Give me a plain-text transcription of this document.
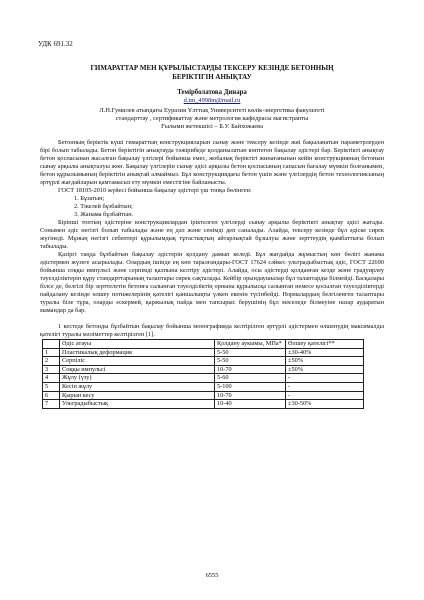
УДК 691.32
ГИМАРАТТАР МЕН ҚҰРЫЛЫСТАРДЫ ТЕКСЕРУ КЕЗІНДЕ БЕТОННЫҢ БЕРІКТІГІН АНЫҚТАУ
Темірболатова Динара
d.tm_4998m@mail.ru
Л.Н.Гумилев атындағы Еуразия Ұлттық Университеті көлік-энергетика факультеті
стандарттау , сертификаттау және метрология кафедрасы магистранты
Ғылыми жетекшісі – Б.У. Байхожаева

Бетонның беріктік күші гимараттың конструкцияларын сынау және тексеру кезінде жиі бақыланатын параметрлерден бірі болып табылады. Бетон беріктігін анықтауда тәжірибеде қолданылатын көптеген бақылау әдістері бар. Беріктікті анықтау бетон қоспасынан жасалған бақылау үлгілері бойынша емес, жобалық беріктігі жинағанынан кейін конструкцияның бетонын сынау арқылы анықталуы жөн. Бақылау үлгілерін сынау әдісі арқылы бетон қоспасының сапасын бағалау мүмкін болғанымен, бетон құрылымының беріктігін анықтай алмаймыз. Бұл конструкциядағы бетон үшін және үлгілердің бетон технологиясының әртүрлі жағдайларын қамтамасыз ету мүмкін еместігіне байланысты.

ГОСТ 18105-2010 жүйесі бойынша бақылау әдістері үш топқа бөлінген:

1. Бұзатын;
2. Тікелей бұзбайтын;
3. Жанама бұзбайтын.

Бірінші топтың әдістеріне конструкциялардан іріктелген үлгілерді сынау арқылы беріктікті анықтау әдісі жатады. Сонымен әдіс негізгі болып табылады және ең дәл және сенімді деп саналады. Алайда, тексеру кезінде бұл әдіске сирек жүгінеді. Мұның негізгі себептері құрылымдық тұтастықтың айтарлықтай бұзылуы және зерттеудің қымбаттығы болып табылады.

Қазіргі таңда бұзбайтын бақылау әдістерін қолдану дамып келеді. Бұл жағдайда жұмыстың көп бөлігі жанама әдістермен жүзеге асырылады. Олардың ішінде ең көп таралғандары-ГОСТ 17624 сәйкес ультрадыбыстық әдіс, ГОСТ 22690 бойынша соққы импульсі және серпімді қалпына келтіру әдістері. Алайда, осы әдістерді қолданған кезде және градуирлеу тәуелділіктерін құру стандарттарының талаптары сирек сақталады. Кейбір орындаушылар бұл талаптарды білмейді. Басқалары білсе де, белгілі бір зерттелетін бетонға салынған тәуелділіктің орнына құрылысқа салынған немесе қосылған тәуелділіктерді пайдалану кезінде өлшеу нәтижелерінің қателігі қаншалықты үлкен екенін түсінбейді. Нормалардың белгіленген талаптары туралы біле тұра, оларды ескермей, қаржылық пайда мен тапсырыс берушінің бұл мәселеде білмеуіне назар аударатын мамандар да бар.

1 кестеде бетонды бұзбайтын бақылау бойынша монографияда келтірілген әртүрлі әдістермен өлшенудің максималды қателігі туралы мәліметтер келтірілген [1].
	Әдіс атауы	Қолдану аукымы, МПа*	Өлшеу қателігі**
1	Пластикалық деформация	5-50	±30-40%
2	Серпіліс	5-50	±50%
3	Соққы импульсі	10-70	±50%
4	Жұлу (үзу)	5-60	-
5	Кесіп жұлу	5-100	-
6	Қырын кесу	10-70	-
7	Ультрадыбыстық	10-40	±30-50%
6555
